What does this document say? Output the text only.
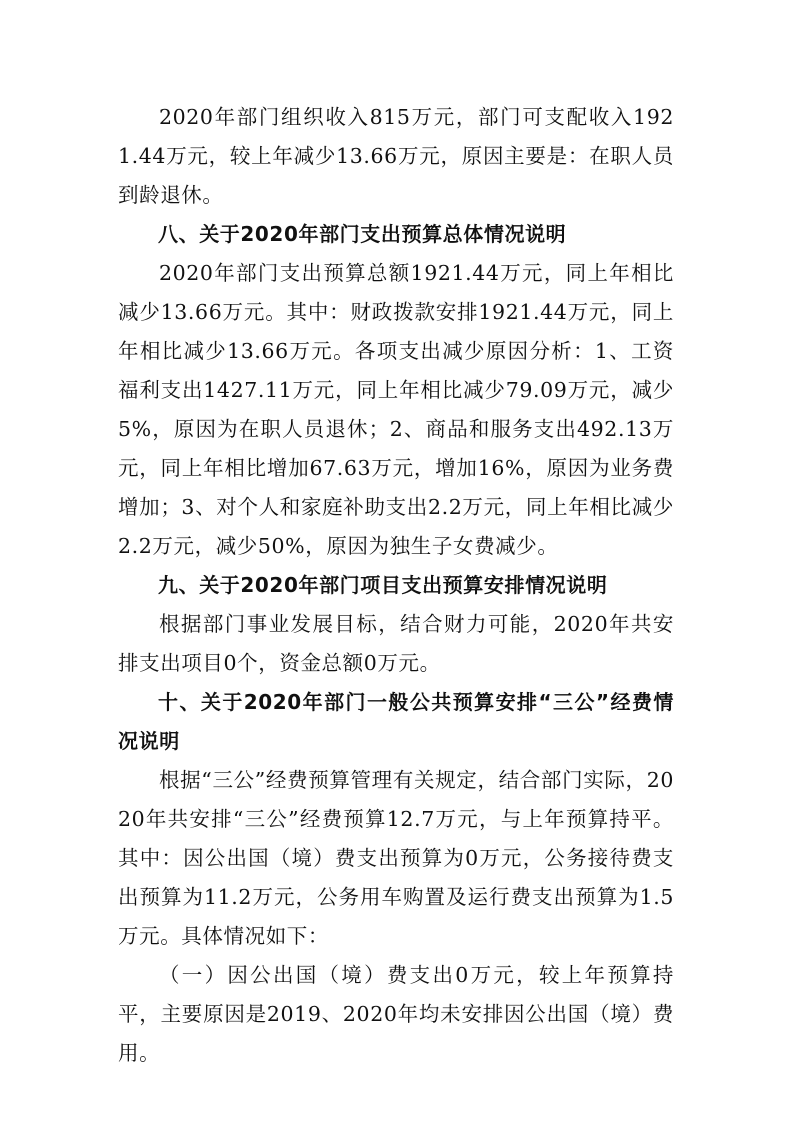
2020年部门组织收入815万元，部门可支配收入1921.44万元，较上年减少13.66万元，原因主要是：在职人员到龄退休。

八、关于2020年部门支出预算总体情况说明

2020年部门支出预算总额1921.44万元，同上年相比减少13.66万元。其中：财政拨款安排1921.44万元，同上年相比减少13.66万元。各项支出减少原因分析：1、工资福利支出1427.11万元，同上年相比减少79.09万元，减少5%，原因为在职人员退休；2、商品和服务支出492.13万元，同上年相比增加67.63万元，增加16%，原因为业务费增加；3、对个人和家庭补助支出2.2万元，同上年相比减少2.2万元，减少50%，原因为独生子女费减少。

九、关于2020年部门项目支出预算安排情况说明

根据部门事业发展目标，结合财力可能，2020年共安排支出项目0个，资金总额0万元。

十、关于2020年部门一般公共预算安排“三公”经费情况说明

根据“三公”经费预算管理有关规定，结合部门实际，2020年共安排“三公”经费预算12.7万元，与上年预算持平。其中：因公出国（境）费支出预算为0万元，公务接待费支出预算为11.2万元，公务用车购置及运行费支出预算为1.5万元。具体情况如下：

（一）因公出国（境）费支出0万元，较上年预算持平，主要原因是2019、2020年均未安排因公出国（境）费用。
